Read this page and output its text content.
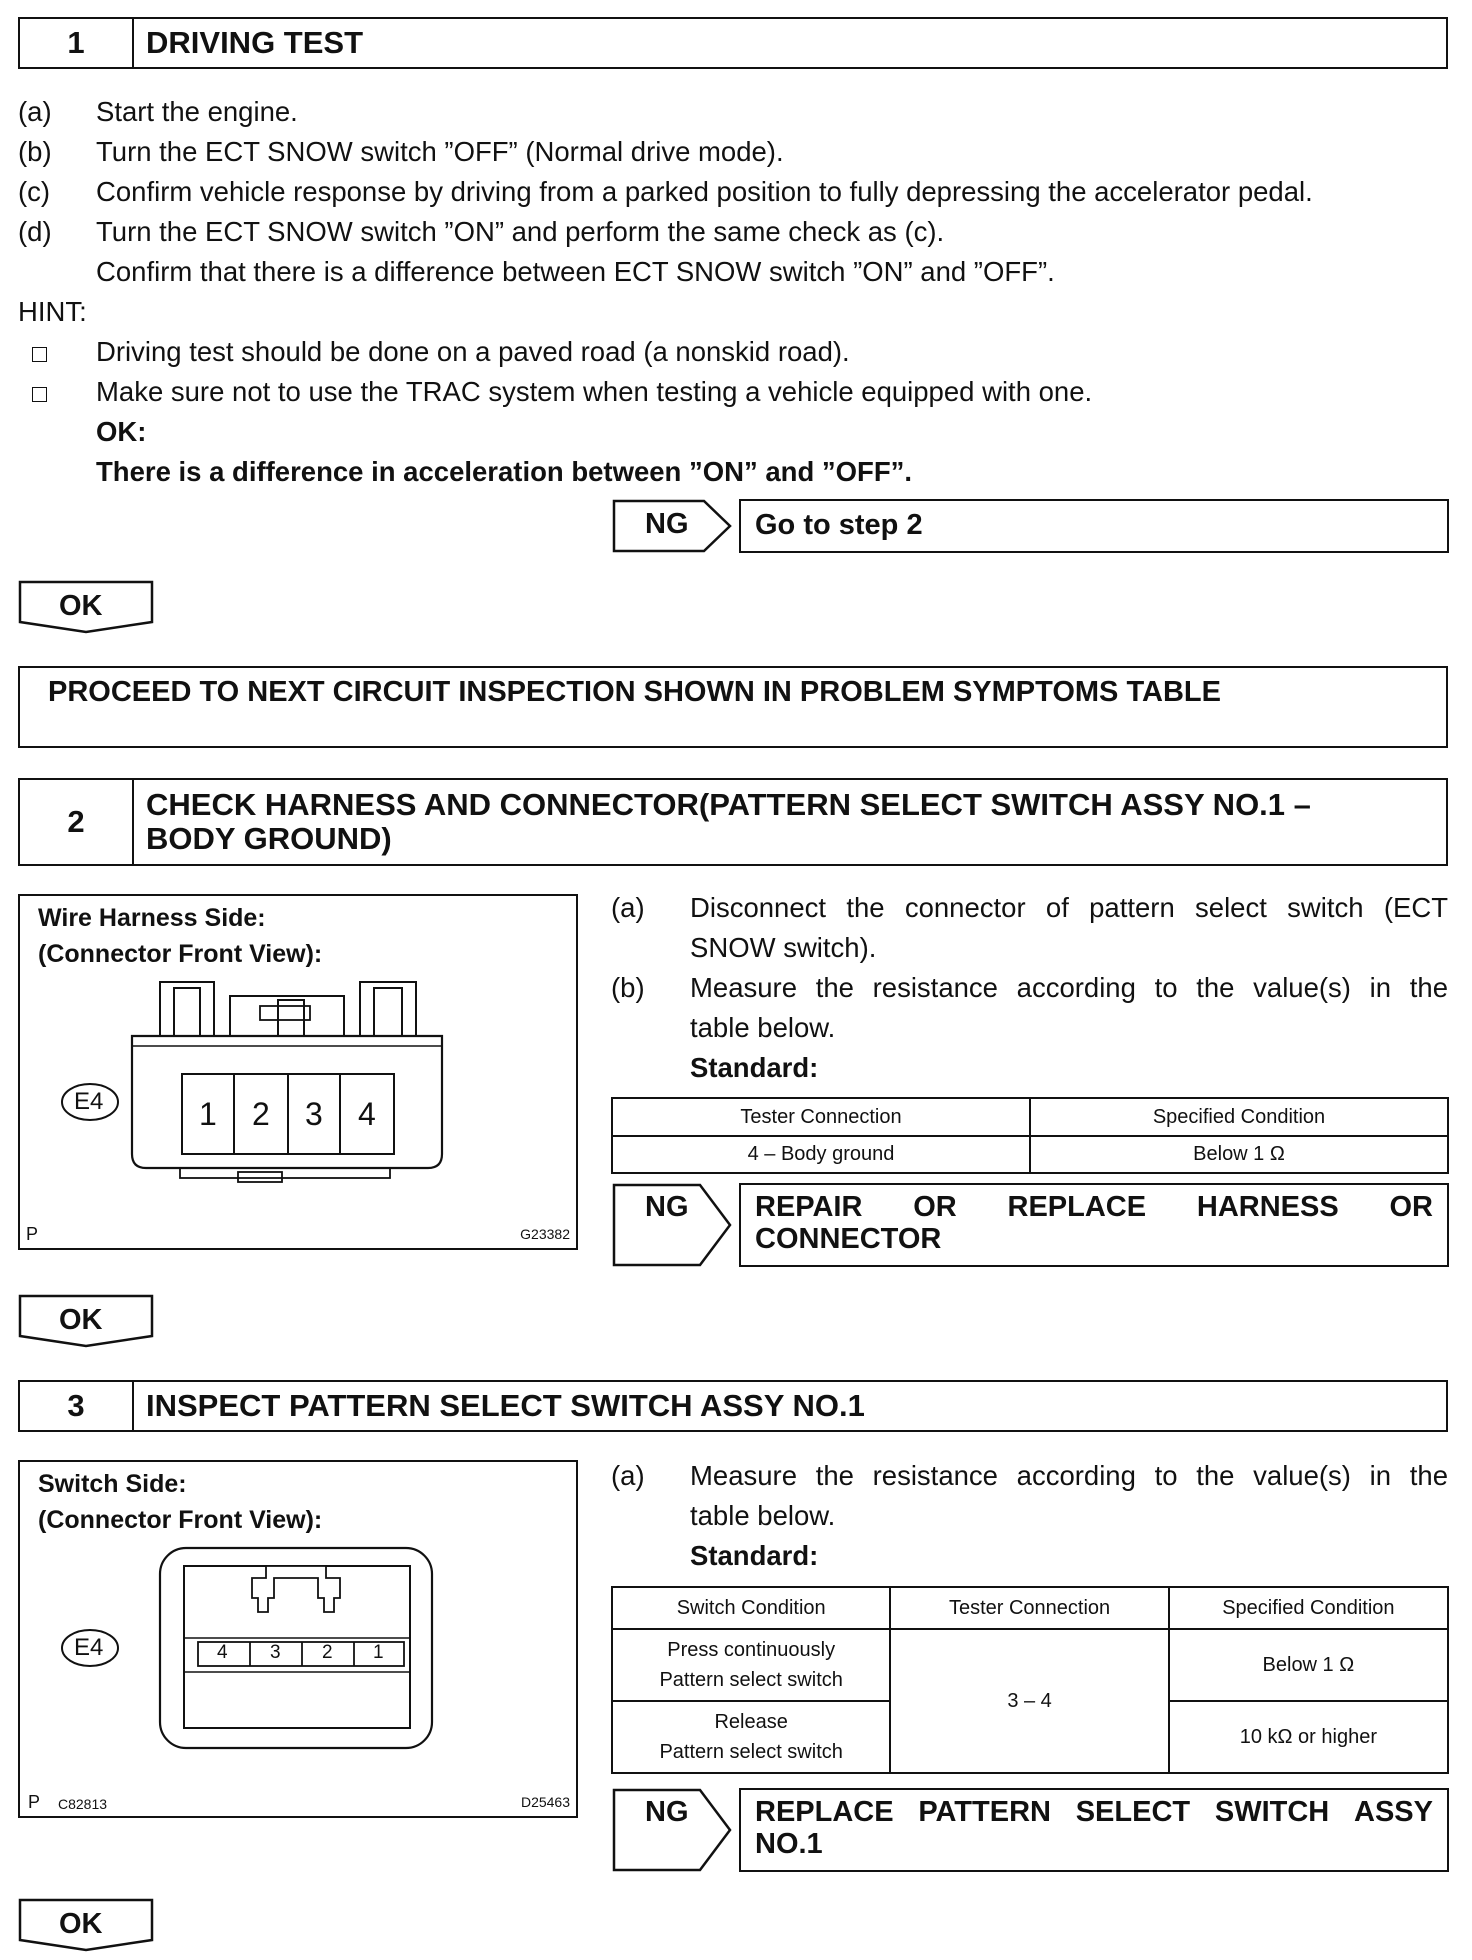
1	DRIVING TEST
(a) Start the engine.
(b) Turn the ECT SNOW switch ”OFF” (Normal drive mode).
(c) Confirm vehicle response by driving from a parked position to fully depressing the accelerator pedal.
(d) Turn the ECT SNOW switch ”ON” and perform the same check as (c).
Confirm that there is a difference between ECT SNOW switch ”ON” and ”OFF”.
HINT:
Driving test should be done on a paved road (a nonskid road).
Make sure not to use the TRAC system when testing a vehicle equipped with one.
OK:
There is a difference in acceleration between ”ON” and ”OFF”.
NG Go to step 2
OK
PROCEED TO NEXT CIRCUIT INSPECTION SHOWN IN PROBLEM SYMPTOMS TABLE
2	CHECK HARNESS AND CONNECTOR(PATTERN SELECT SWITCH ASSY NO.1 –
BODY GROUND)
Wire Harness Side:
(Connector Front View):
E4	1 2 3 4
P	G23382
(a) Disconnect the connector of pattern select switch (ECT
SNOW switch).
(b) Measure the resistance according to the value(s) in the
table below.
Standard:
Tester Connection	Specified Condition
4 – Body ground	Below 1 Ω
NG REPAIR OR REPLACE HARNESS OR
CONNECTOR
OK
3	INSPECT PATTERN SELECT SWITCH ASSY NO.1
Switch Side:
(Connector Front View):
E4	4 3 2 1
P C82813	D25463
(a) Measure the resistance according to the value(s) in the
table below.
Standard:
Switch Condition	Tester Connection	Specified Condition

Press continuously
Pattern select switch	3 – 4	Below 1 Ω

Release
Pattern select switch		10 kΩ or higher
NG REPLACE PATTERN SELECT SWITCH ASSY
NO.1
OK
